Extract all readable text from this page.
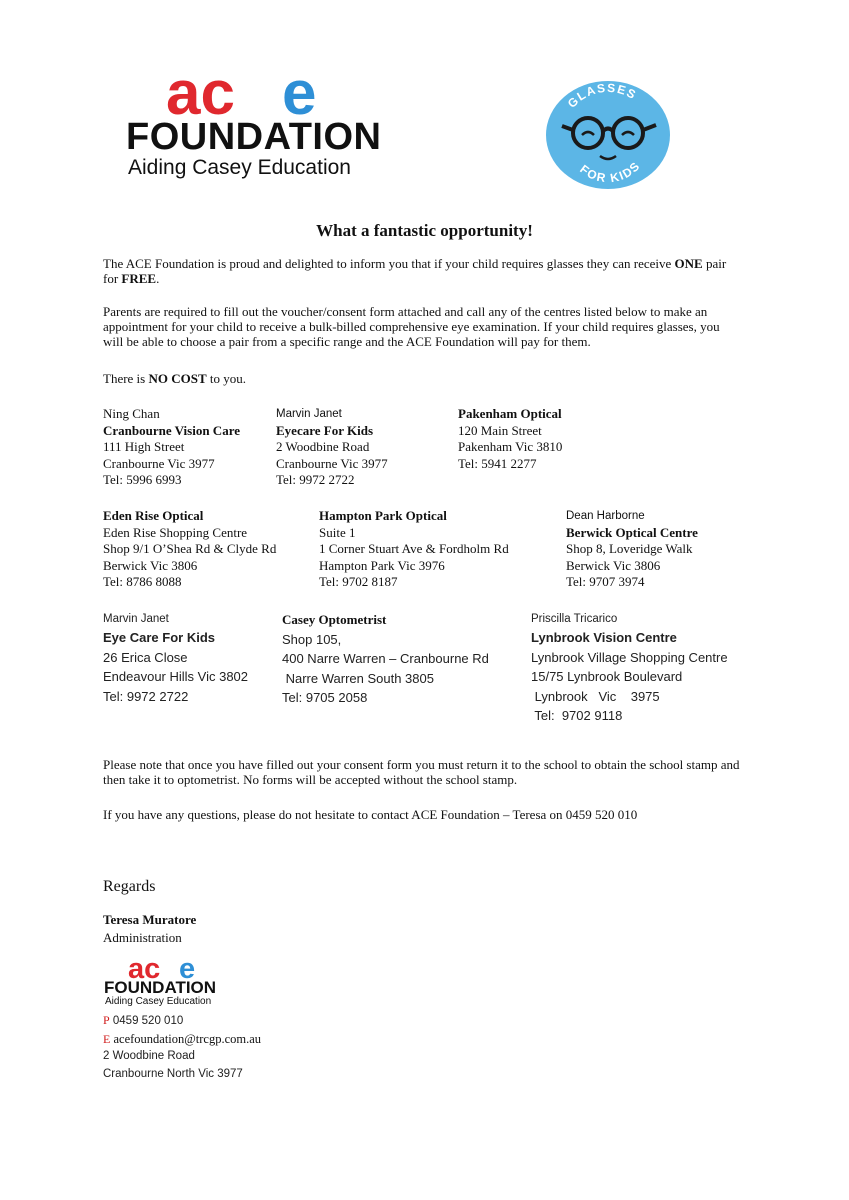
ac e
FOUNDATION
Aiding Casey Education
GLASSES
FOR KIDS
What a fantastic opportunity!
The ACE Foundation is proud and delighted to inform you that if your child requires glasses they can receive ONE pair for FREE.
Parents are required to fill out the voucher/consent form attached and call any of the centres listed below to make an appointment for your child to receive a bulk-billed comprehensive eye examination. If your child requires glasses, you will be able to choose a pair from a specific range and the ACE Foundation will pay for them.
There is NO COST to you.
Ning Chan
Cranbourne Vision Care
111 High Street
Cranbourne Vic 3977
Tel: 5996 6993
Marvin Janet
Eyecare For Kids
2 Woodbine Road
Cranbourne Vic 3977
Tel: 9972 2722
Pakenham Optical
120 Main Street
Pakenham Vic 3810
Tel: 5941 2277
Eden Rise Optical
Eden Rise Shopping Centre
Shop 9/1 O’Shea Rd & Clyde Rd
Berwick Vic 3806
Tel: 8786 8088
Hampton Park Optical
Suite 1
1 Corner Stuart Ave & Fordholm Rd
Hampton Park Vic 3976
Tel: 9702 8187
Dean Harborne
Berwick Optical Centre
Shop 8, Loveridge Walk
Berwick Vic 3806
Tel: 9707 3974
Marvin Janet
Eye Care For Kids
26 Erica Close
Endeavour Hills Vic 3802
Tel: 9972 2722
Casey Optometrist
Shop 105,
400 Narre Warren – Cranbourne Rd
Narre Warren South 3805
Tel: 9705 2058
Priscilla Tricarico
Lynbrook Vision Centre
Lynbrook Village Shopping Centre
15/75 Lynbrook Boulevard
Lynbrook   Vic    3975
Tel:  9702 9118
Please note that once you have filled out your consent form you must return it to the school to obtain the school stamp and then take it to optometrist. No forms will be accepted without the school stamp.
If you have any questions, please do not hesitate to contact ACE Foundation – Teresa on 0459 520 010
Regards
Teresa Muratore
Administration
ac e
FOUNDATION
Aiding Casey Education
P 0459 520 010
E acefoundation@trcgp.com.au
2 Woodbine Road
Cranbourne North Vic 3977
